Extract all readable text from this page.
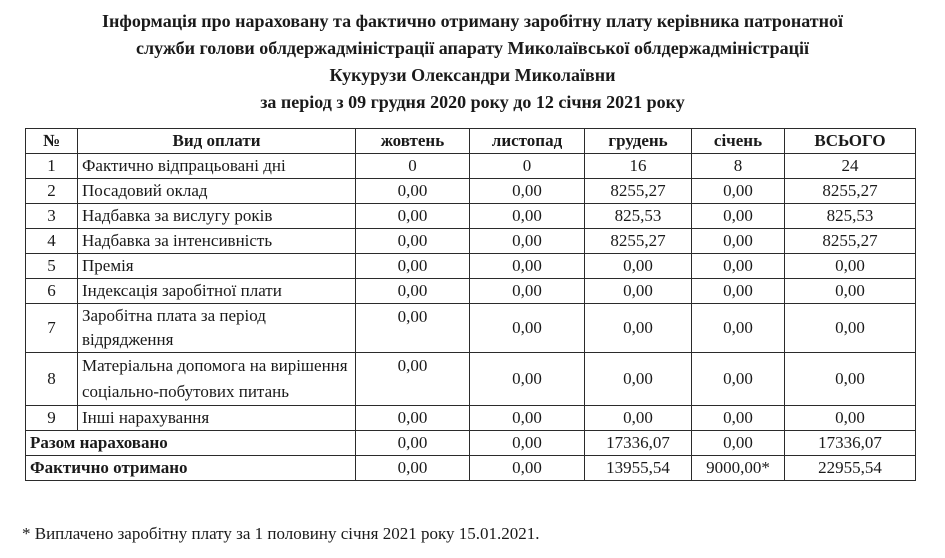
Інформація про нараховану та фактично отриману заробітну плату керівника патронатної
служби голови облдержадміністрації апарату Миколаївської облдержадміністрації
Кукурузи Олександри Миколаївни
за період з 09 грудня 2020 року до 12 січня 2021 року
№	Вид оплати	жовтень	листопад	грудень	січень	ВСЬОГО
1	Фактично відпрацьовані дні	0	0	16	8	24
2	Посадовий оклад	0,00	0,00	8255,27	0,00	8255,27
3	Надбавка за вислугу років	0,00	0,00	825,53	0,00	825,53
4	Надбавка за інтенсивність	0,00	0,00	8255,27	0,00	8255,27
5	Премія	0,00	0,00	0,00	0,00	0,00
6	Індексація заробітної плати	0,00	0,00	0,00	0,00	0,00
7	Заробітна плата за період відрядження	0,00	0,00	0,00	0,00	0,00
8	Матеріальна допомога на вирішення соціально-побутових питань	0,00	0,00	0,00	0,00	0,00
9	Інші нарахування	0,00	0,00	0,00	0,00	0,00
Разом нараховано		0,00	0,00	17336,07	0,00	17336,07
Фактично отримано		0,00	0,00	13955,54	9000,00*	22955,54
* Виплачено заробітну плату за 1 половину січня 2021 року 15.01.2021.
